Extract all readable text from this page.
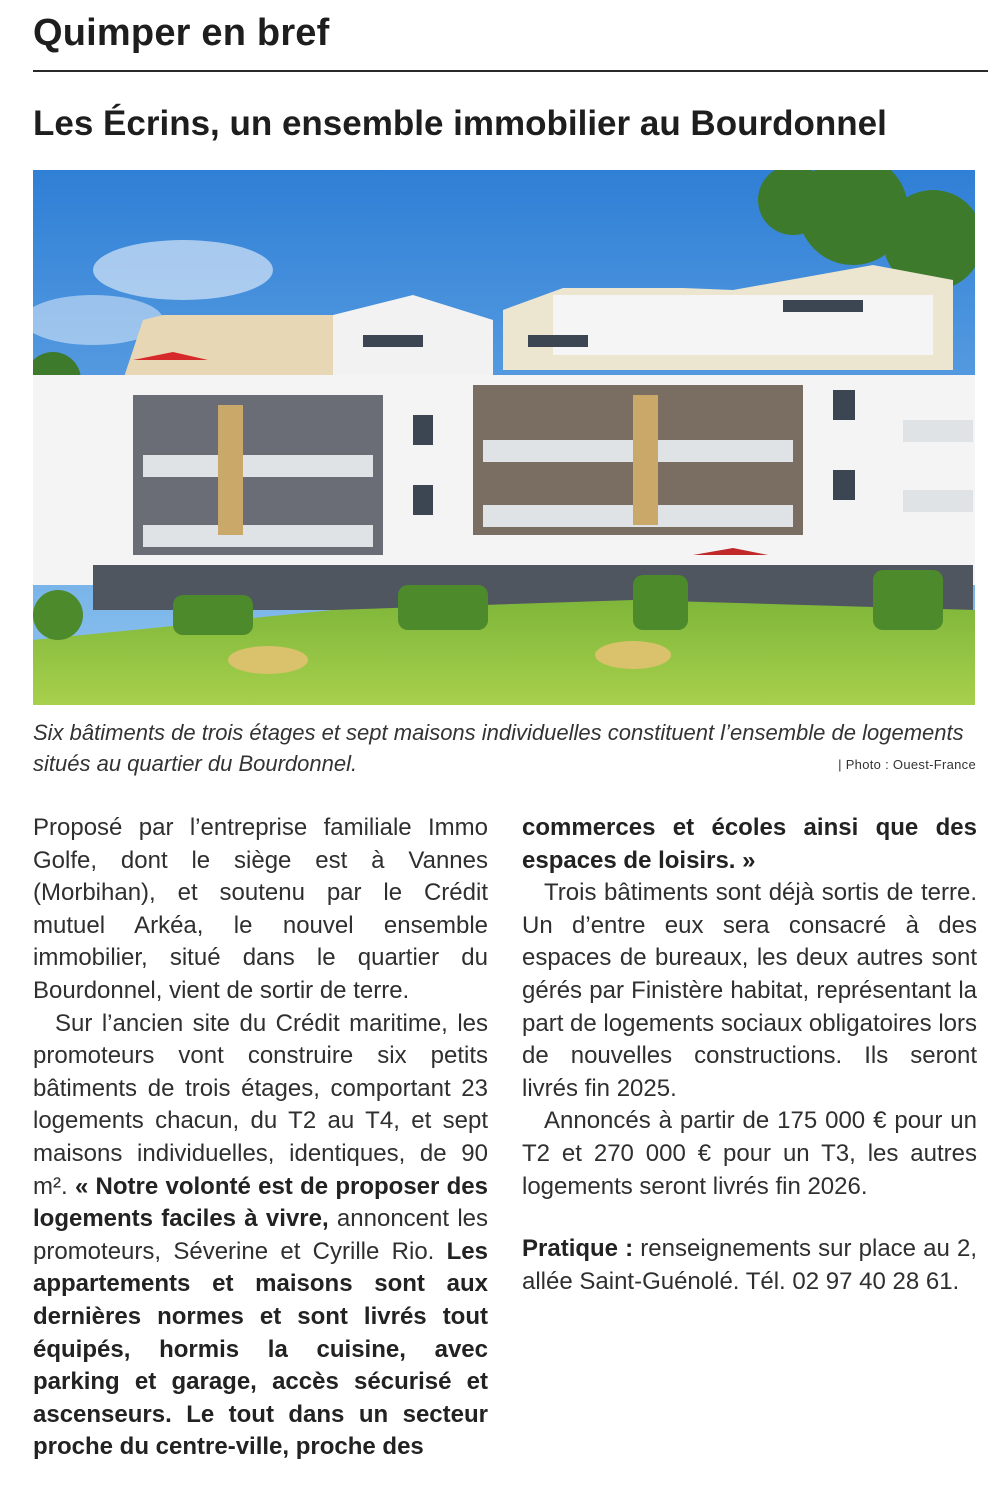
Quimper en bref
Les Écrins, un ensemble immobilier au Bourdonnel
Six bâtiments de trois étages et sept maisons individuelles constituent l’ensemble de logements situés au quartier du Bourdonnel.	| Photo : Ouest-France

Proposé par l’entreprise familiale Immo Golfe, dont le siège est à Vannes (Morbihan), et soutenu par le Crédit mutuel Arkéa, le nouvel ensemble immobilier, situé dans le quartier du Bourdonnel, vient de sortir de terre.

Sur l’ancien site du Crédit maritime, les promoteurs vont construire six petits bâtiments de trois étages, comportant 23 logements chacun, du T2 au T4, et sept maisons individuelles, identiques, de 90 m². « Notre volonté est de proposer des logements faciles à vivre, annoncent les promoteurs, Séverine et Cyrille Rio. Les appartements et maisons sont aux dernières normes et sont livrés tout équipés, hormis la cuisine, avec parking et garage, accès sécurisé et ascenseurs. Le tout dans un secteur proche du centre-ville, proche des

commerces et écoles ainsi que des espaces de loisirs. »

Trois bâtiments sont déjà sortis de terre. Un d’entre eux sera consacré à des espaces de bureaux, les deux autres sont gérés par Finistère habitat, représentant la part de logements sociaux obligatoires lors de nouvelles constructions. Ils seront livrés fin 2025.

Annoncés à partir de 175 000 € pour un T2 et 270 000 € pour un T3, les autres logements seront livrés fin 2026.

Pratique : renseignements sur place au 2, allée Saint-Guénolé. Tél. 02 97 40 28 61.
